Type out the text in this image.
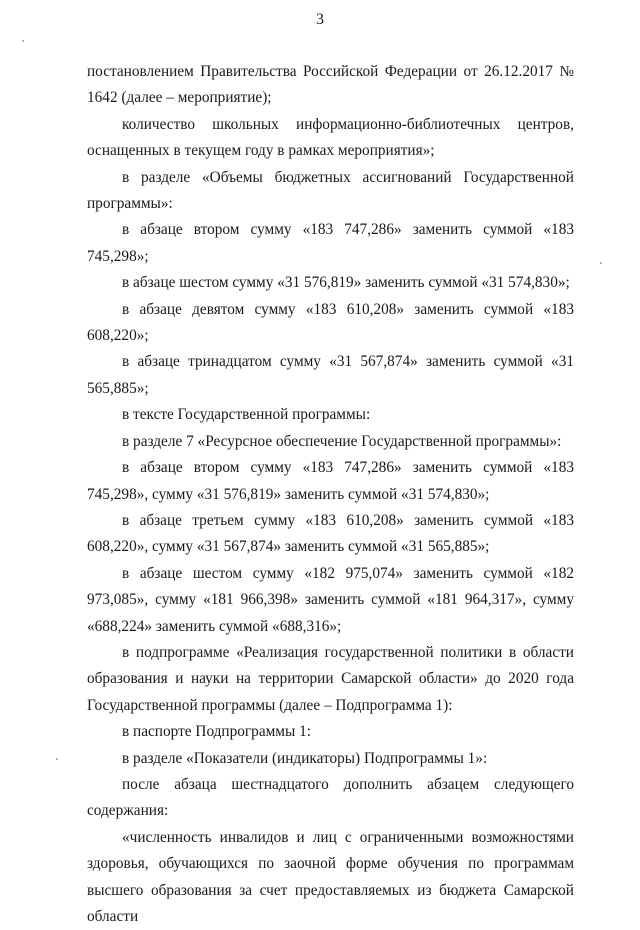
3

постановлением Правительства Российской Федерации от 26.12.2017 № 1642 (далее – мероприятие);

количество школьных информационно-библиотечных центров, оснащенных в текущем году в рамках мероприятия»;

в разделе «Объемы бюджетных ассигнований Государственной программы»:

в абзаце втором сумму «183 747,286» заменить суммой «183 745,298»;

в абзаце шестом сумму «31 576,819» заменить суммой «31 574,830»;

в абзаце девятом сумму «183 610,208» заменить суммой «183 608,220»;

в абзаце тринадцатом сумму «31 567,874» заменить суммой «31 565,885»;

в тексте Государственной программы:

в разделе 7 «Ресурсное обеспечение Государственной программы»:

в абзаце втором сумму «183 747,286» заменить суммой «183 745,298», сумму «31 576,819» заменить суммой «31 574,830»;

в абзаце третьем сумму «183 610,208» заменить суммой «183 608,220», сумму «31 567,874» заменить суммой «31 565,885»;

в абзаце шестом сумму «182 975,074» заменить суммой «182 973,085», сумму «181 966,398» заменить суммой «181 964,317», сумму «688,224» заменить суммой «688,316»;

в подпрограмме «Реализация государственной политики в области образования и науки на территории Самарской области» до 2020 года Государственной программы (далее – Подпрограмма 1):

в паспорте Подпрограммы 1:

в разделе «Показатели (индикаторы) Подпрограммы 1»:

после абзаца шестнадцатого дополнить абзацем следующего содержания:

«численность инвалидов и лиц с ограниченными возможностями здоровья, обучающихся по заочной форме обучения по программам высшего образования за счет предоставляемых из бюджета Самарской области
